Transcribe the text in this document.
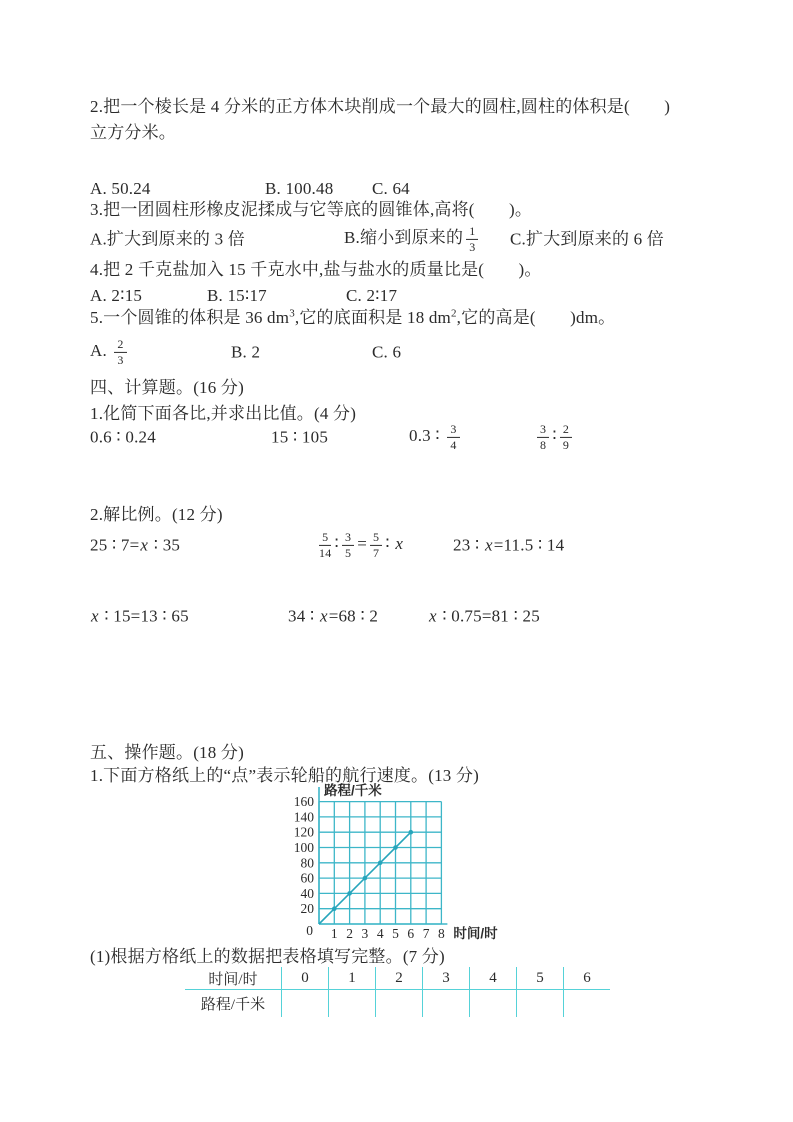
2.把一个棱长是 4 分米的正方体木块削成一个最大的圆柱,圆柱的体积是(　　)
立方分米。
A. 50.24	B. 100.48 C. 64
3.把一团圆柱形橡皮泥揉成与它等底的圆锥体,高将(　　)。
A.扩大到原来的 3 倍	B.缩小到原来的 $\frac{1}{3} C$.扩大到原来的 6 倍
4.把 2 千克盐加入 15 千克水中,盐与盐水的质量比是(　　)。
A. 2∶15	B. 15∶17	C. 2∶17
5.一个圆锥的体积是 36 $dm^3$,它的底面积是 18 $dm^2$,它的高是(　　)dm。
A. $\frac{2}{3}$	B. 2	C. 6
四、计算题。(16 分)
1.化简下面各比,并求出比值。(4 分)
0.6 ∶ 0.24	15 ∶ 105	0.3 ∶ $\frac{3}{4}$	$\frac{3}{8}$ ∶ $\frac{2}{9}$
2.解比例。(12 分)
25 ∶ 7=x ∶ 35	$\frac{5}{14}$ ∶ $\frac{3}{5} = \frac{5}{7}$ ∶ x	23 ∶ x=11.5 ∶ 14
x ∶ 15=13 ∶ 65	34 ∶ x=68 ∶ 2	x ∶ 0.75=81 ∶ 25
五、操作题。(18 分)
1.下面方格纸上的“点”表示轮船的航行速度。(13 分)
20
40
60
80
100
120
140
160
0 1 2 3 4 5 6 7 8
路程/千米
时间/时
(1)根据方格纸上的数据把表格填写完整。(7 分)
时间/时	0	1	2	3	4	5	6
路程/千米
